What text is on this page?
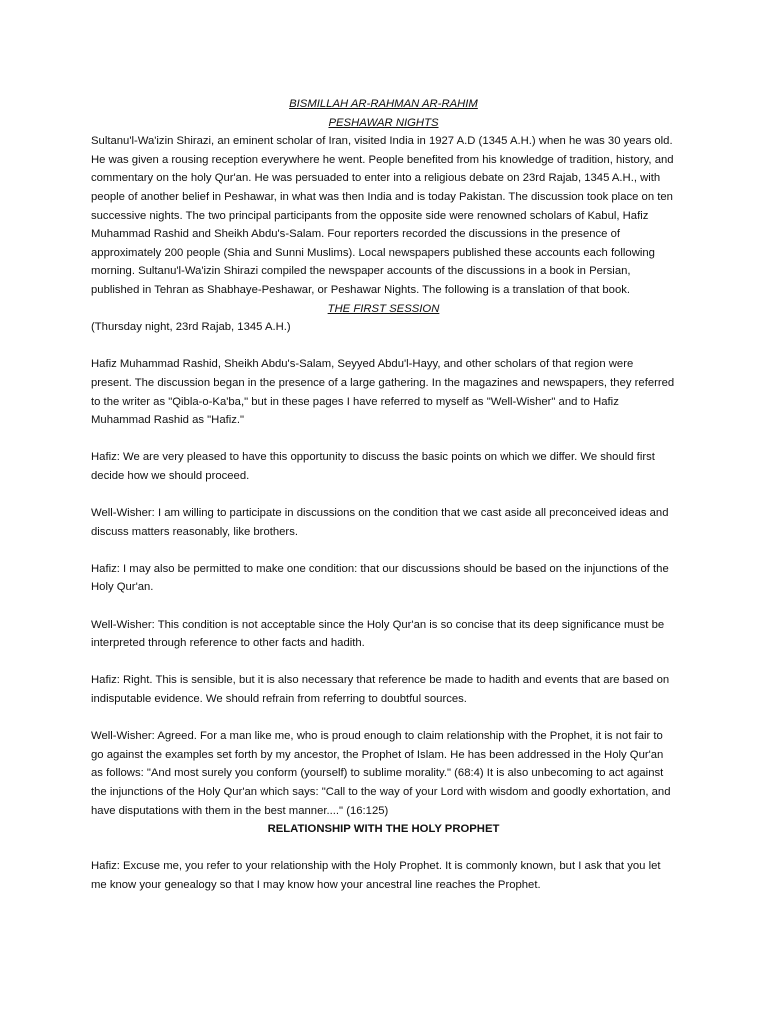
BISMILLAH AR-RAHMAN AR-RAHIM

PESHAWAR NIGHTS

Sultanu'l-Wa'izin Shirazi, an eminent scholar of Iran, visited India in 1927 A.D (1345 A.H.) when he was 30 years old. He was given a rousing reception everywhere he went. People benefited from his knowledge of tradition, history, and commentary on the holy Qur'an. He was persuaded to enter into a religious debate on 23rd Rajab, 1345 A.H., with people of another belief in Peshawar, in what was then India and is today Pakistan. The discussion took place on ten successive nights. The two principal participants from the opposite side were renowned scholars of Kabul, Hafiz Muhammad Rashid and Sheikh Abdu's-Salam. Four reporters recorded the discussions in the presence of approximately 200 people (Shia and Sunni Muslims). Local newspapers published these accounts each following morning. Sultanu'l-Wa'izin Shirazi compiled the newspaper accounts of the discussions in a book in Persian, published in Tehran as Shabhaye-Peshawar, or Peshawar Nights. The following is a translation of that book.

THE FIRST SESSION

(Thursday night, 23rd Rajab, 1345 A.H.)

Hafiz Muhammad Rashid, Sheikh Abdu's-Salam, Seyyed Abdu'l-Hayy, and other scholars of that region were present. The discussion began in the presence of a large gathering. In the magazines and newspapers, they referred to the writer as "Qibla-o-Ka'ba," but in these pages I have referred to myself as "Well-Wisher" and to Hafiz Muhammad Rashid as "Hafiz."

Hafiz: We are very pleased to have this opportunity to discuss the basic points on which we differ. We should first decide how we should proceed.

Well-Wisher: I am willing to participate in discussions on the condition that we cast aside all preconceived ideas and discuss matters reasonably, like brothers.

Hafiz: I may also be permitted to make one condition: that our discussions should be based on the injunctions of the Holy Qur'an.

Well-Wisher: This condition is not acceptable since the Holy Qur'an is so concise that its deep significance must be interpreted through reference to other facts and hadith.

Hafiz: Right. This is sensible, but it is also necessary that reference be made to hadith and events that are based on indisputable evidence. We should refrain from referring to doubtful sources.

Well-Wisher: Agreed. For a man like me, who is proud enough to claim relationship with the Prophet, it is not fair to go against the examples set forth by my ancestor, the Prophet of Islam. He has been addressed in the Holy Qur'an as follows: "And most surely you conform (yourself) to sublime morality." (68:4) It is also unbecoming to act against the injunctions of the Holy Qur'an which says: "Call to the way of your Lord with wisdom and goodly exhortation, and have disputations with them in the best manner...." (16:125)

RELATIONSHIP WITH THE HOLY PROPHET

Hafiz: Excuse me, you refer to your relationship with the Holy Prophet. It is commonly known, but I ask that you let me know your genealogy so that I may know how your ancestral line reaches the Prophet.
